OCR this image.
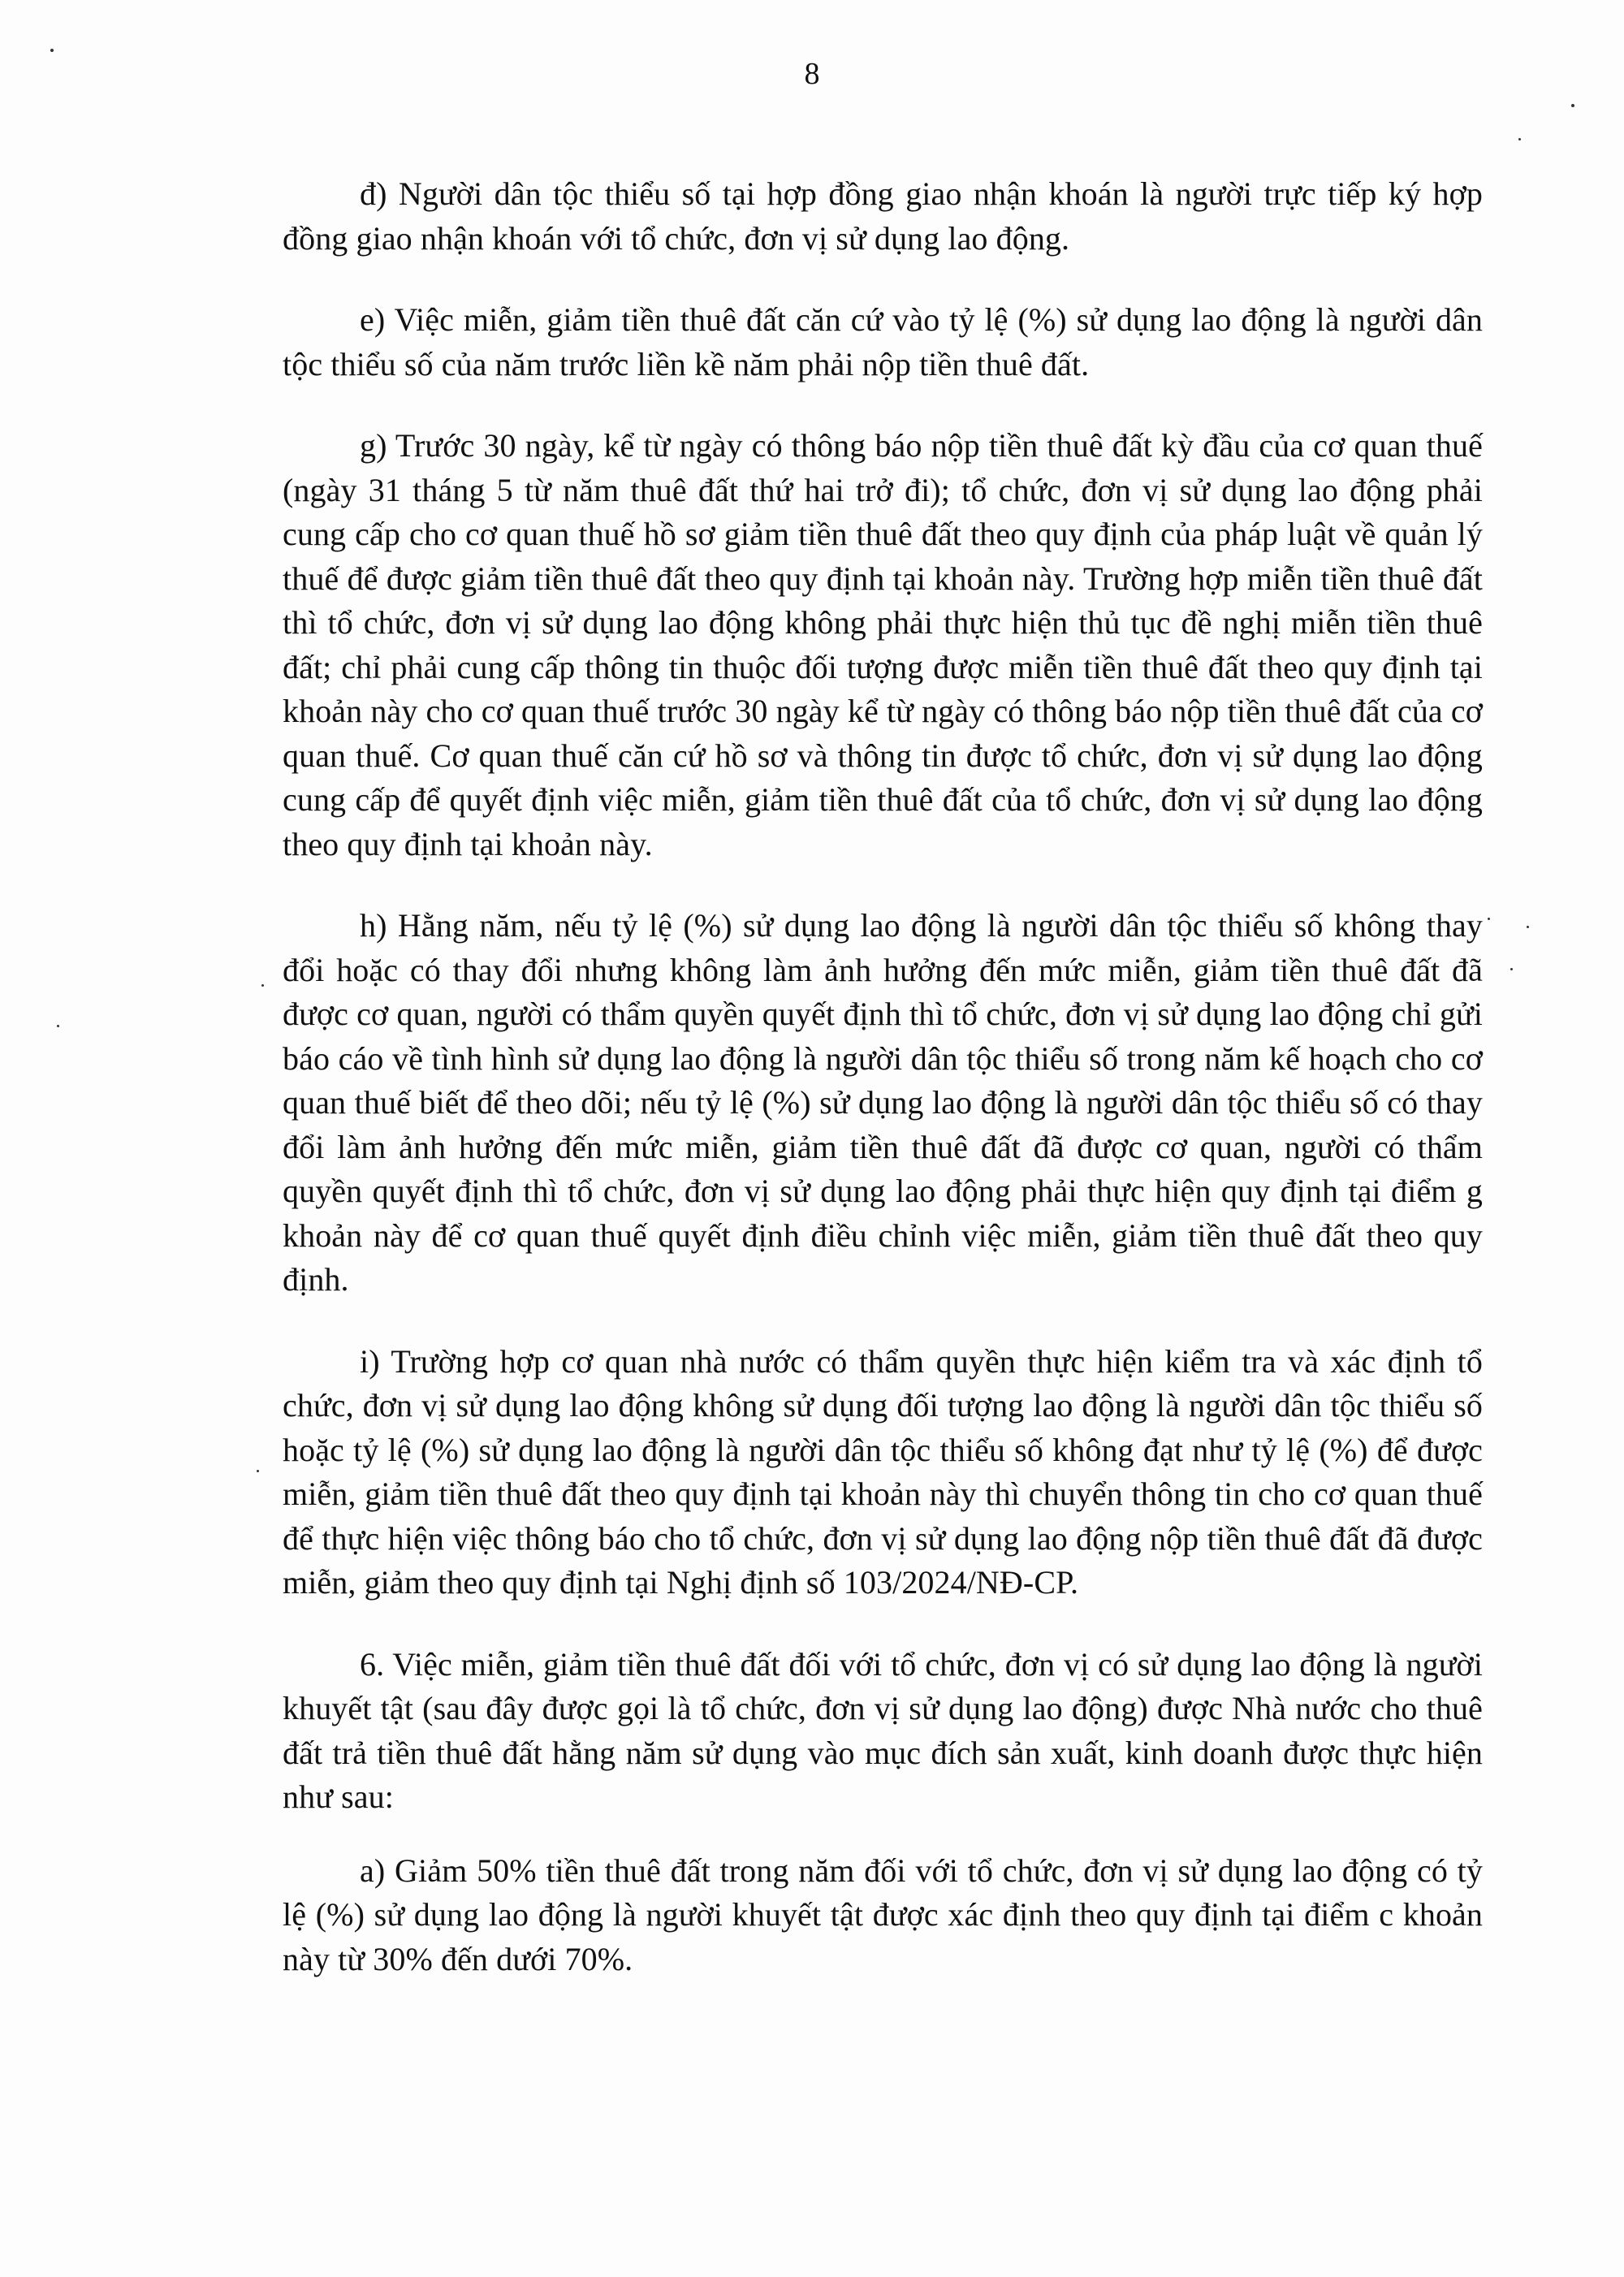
8

đ) Người dân tộc thiểu số tại hợp đồng giao nhận khoán là người trực tiếp ký hợp đồng giao nhận khoán với tổ chức, đơn vị sử dụng lao động.

e) Việc miễn, giảm tiền thuê đất căn cứ vào tỷ lệ (%) sử dụng lao động là người dân tộc thiểu số của năm trước liền kề năm phải nộp tiền thuê đất.

g) Trước 30 ngày, kể từ ngày có thông báo nộp tiền thuê đất kỳ đầu của cơ quan thuế (ngày 31 tháng 5 từ năm thuê đất thứ hai trở đi); tổ chức, đơn vị sử dụng lao động phải cung cấp cho cơ quan thuế hồ sơ giảm tiền thuê đất theo quy định của pháp luật về quản lý thuế để được giảm tiền thuê đất theo quy định tại khoản này. Trường hợp miễn tiền thuê đất thì tổ chức, đơn vị sử dụng lao động không phải thực hiện thủ tục đề nghị miễn tiền thuê đất; chỉ phải cung cấp thông tin thuộc đối tượng được miễn tiền thuê đất theo quy định tại khoản này cho cơ quan thuế trước 30 ngày kể từ ngày có thông báo nộp tiền thuê đất của cơ quan thuế. Cơ quan thuế căn cứ hồ sơ và thông tin được tổ chức, đơn vị sử dụng lao động cung cấp để quyết định việc miễn, giảm tiền thuê đất của tổ chức, đơn vị sử dụng lao động theo quy định tại khoản này.

h) Hằng năm, nếu tỷ lệ (%) sử dụng lao động là người dân tộc thiểu số không thay đổi hoặc có thay đổi nhưng không làm ảnh hưởng đến mức miễn, giảm tiền thuê đất đã được cơ quan, người có thẩm quyền quyết định thì tổ chức, đơn vị sử dụng lao động chỉ gửi báo cáo về tình hình sử dụng lao động là người dân tộc thiểu số trong năm kế hoạch cho cơ quan thuế biết để theo dõi; nếu tỷ lệ (%) sử dụng lao động là người dân tộc thiểu số có thay đổi làm ảnh hưởng đến mức miễn, giảm tiền thuê đất đã được cơ quan, người có thẩm quyền quyết định thì tổ chức, đơn vị sử dụng lao động phải thực hiện quy định tại điểm g khoản này để cơ quan thuế quyết định điều chỉnh việc miễn, giảm tiền thuê đất theo quy định.

i) Trường hợp cơ quan nhà nước có thẩm quyền thực hiện kiểm tra và xác định tổ chức, đơn vị sử dụng lao động không sử dụng đối tượng lao động là người dân tộc thiểu số hoặc tỷ lệ (%) sử dụng lao động là người dân tộc thiểu số không đạt như tỷ lệ (%) để được miễn, giảm tiền thuê đất theo quy định tại khoản này thì chuyển thông tin cho cơ quan thuế để thực hiện việc thông báo cho tổ chức, đơn vị sử dụng lao động nộp tiền thuê đất đã được miễn, giảm theo quy định tại Nghị định số 103/2024/NĐ-CP.

6. Việc miễn, giảm tiền thuê đất đối với tổ chức, đơn vị có sử dụng lao động là người khuyết tật (sau đây được gọi là tổ chức, đơn vị sử dụng lao động) được Nhà nước cho thuê đất trả tiền thuê đất hằng năm sử dụng vào mục đích sản xuất, kinh doanh được thực hiện như sau:

a) Giảm 50% tiền thuê đất trong năm đối với tổ chức, đơn vị sử dụng lao động có tỷ lệ (%) sử dụng lao động là người khuyết tật được xác định theo quy định tại điểm c khoản này từ 30% đến dưới 70%.
